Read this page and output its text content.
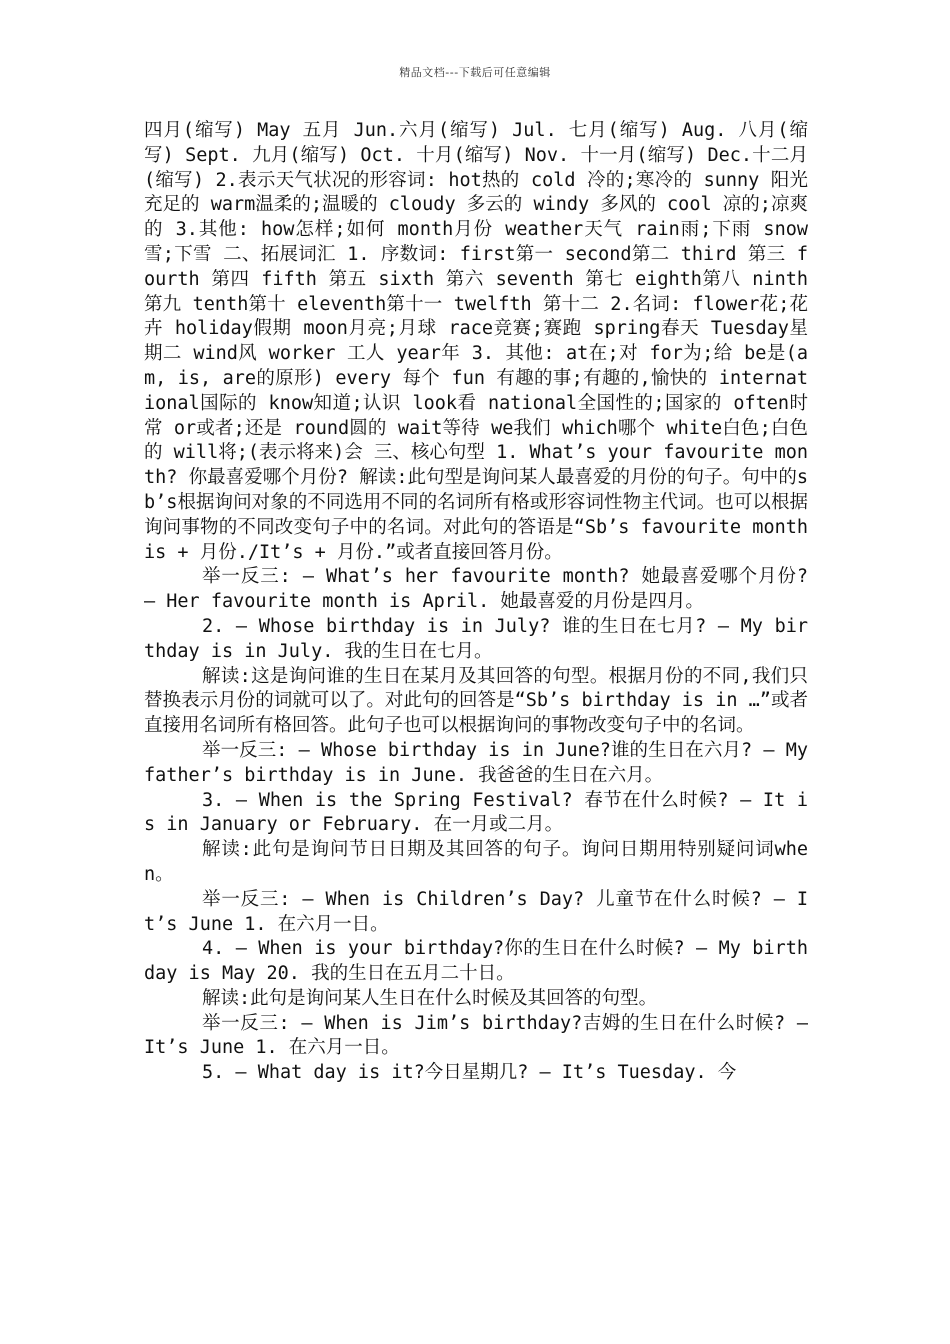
精品文档---下载后可任意编辑

四月(缩写) May 五月 Jun.六月(缩写) Jul. 七月(缩写) Aug. 八月(缩写) Sept. 九月(缩写) Oct. 十月(缩写) Nov. 十一月(缩写) Dec.十二月(缩写) 2.表示天气状况的形容词: hot热的 cold 冷的;寒冷的 sunny 阳光充足的 warm温柔的;温暖的 cloudy 多云的 windy 多风的 cool 凉的;凉爽的 3.其他: how怎样;如何 month月份 weather天气 rain雨;下雨 snow 雪;下雪 二、拓展词汇 1. 序数词: first第一 second第二 third 第三 fourth 第四 fifth 第五 sixth 第六 seventh 第七 eighth第八 ninth第九 tenth第十 eleventh第十一 twelfth 第十二 2.名词: flower花;花卉 holiday假期 moon月亮;月球 race竞赛;赛跑 spring春天 Tuesday星期二 wind风 worker 工人 year年 3. 其他: at在;对 for为;给 be是(am, is, are的原形) every 每个 fun 有趣的事;有趣的,愉快的 international国际的 know知道;认识 look看 national全国性的;国家的 often时常 or或者;还是 round圆的 wait等待 we我们 which哪个 white白色;白色的 will将;(表示将来)会 三、核心句型 1. What’s your favourite month? 你最喜爱哪个月份? 解读:此句型是询问某人最喜爱的月份的句子。句中的sb’s根据询问对象的不同选用不同的名词所有格或形容词性物主代词。也可以根据询问事物的不同改变句子中的名词。对此句的答语是“Sb’s favourite month is + 月份./It’s + 月份.”或者直接回答月份。

举一反三: — What’s her favourite month? 她最喜爱哪个月份? — Her favourite month is April. 她最喜爱的月份是四月。

2. — Whose birthday is in July? 谁的生日在七月? — My birthday is in July. 我的生日在七月。

解读:这是询问谁的生日在某月及其回答的句型。根据月份的不同,我们只替换表示月份的词就可以了。对此句的回答是“Sb’s birthday is in …”或者直接用名词所有格回答。此句子也可以根据询问的事物改变句子中的名词。

举一反三: — Whose birthday is in June?谁的生日在六月? — My father’s birthday is in June. 我爸爸的生日在六月。

3. — When is the Spring Festival? 春节在什么时候? — It is in January or February. 在一月或二月。

解读:此句是询问节日日期及其回答的句子。询问日期用特别疑问词when。

举一反三: — When is Children’s Day? 儿童节在什么时候? — It’s June 1. 在六月一日。

4. — When is your birthday?你的生日在什么时候? — My birthday is May 20. 我的生日在五月二十日。

解读:此句是询问某人生日在什么时候及其回答的句型。

举一反三: — When is Jim’s birthday?吉姆的生日在什么时候? — It’s June 1. 在六月一日。

5. — What day is it?今日星期几? — It’s Tuesday. 今
